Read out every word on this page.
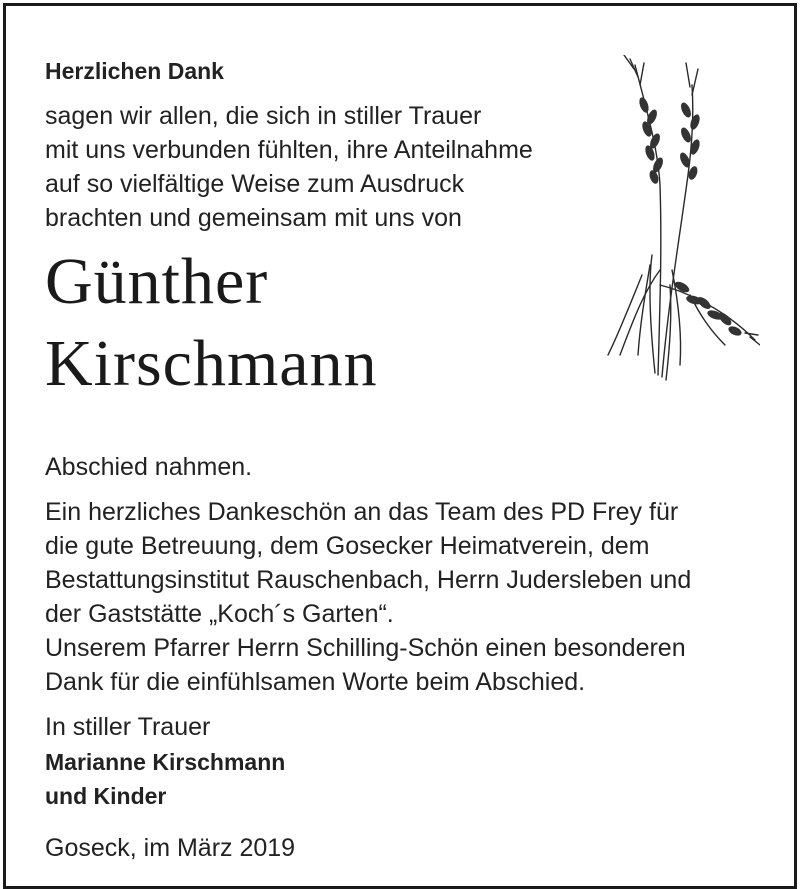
Herzlichen Dank

sagen wir allen, die sich in stiller Trauer

mit uns verbunden fühlten, ihre Anteilnahme

auf so vielfältige Weise zum Ausdruck

brachten und gemeinsam mit uns von

Günther

Kirschmann

Abschied nahmen.

Ein herzliches Dankeschön an das Team des PD Frey für

die gute Betreuung, dem Gosecker Heimatverein, dem

Bestattungsinstitut Rauschenbach, Herrn Judersleben und

der Gaststätte „Koch´s Garten“.

Unserem Pfarrer Herrn Schilling-Schön einen besonderen

Dank für die einfühlsamen Worte beim Abschied.

In stiller Trauer

Marianne Kirschmann

und Kinder

Goseck, im März 2019
